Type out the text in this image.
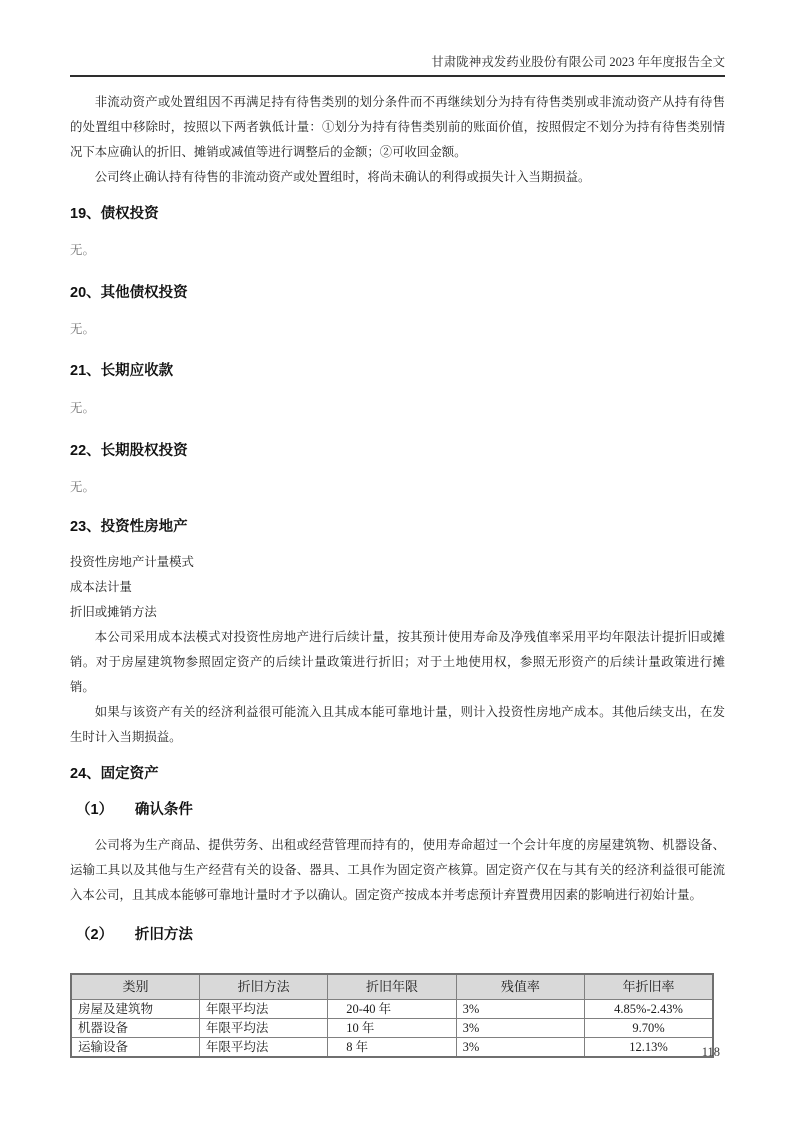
甘肃陇神戎发药业股份有限公司 2023 年年度报告全文

非流动资产或处置组因不再满足持有待售类别的划分条件而不再继续划分为持有待售类别或非流动资产从持有待售的处置组中移除时，按照以下两者孰低计量：①划分为持有待售类别前的账面价值，按照假定不划分为持有待售类别情况下本应确认的折旧、摊销或减值等进行调整后的金额；②可收回金额。

公司终止确认持有待售的非流动资产或处置组时，将尚未确认的利得或损失计入当期损益。

19、债权投资

无。

20、其他债权投资

无。

21、长期应收款

无。

22、长期股权投资

无。

23、投资性房地产

投资性房地产计量模式

成本法计量

折旧或摊销方法

本公司采用成本法模式对投资性房地产进行后续计量，按其预计使用寿命及净残值率采用平均年限法计提折旧或摊销。对于房屋建筑物参照固定资产的后续计量政策进行折旧；对于土地使用权，参照无形资产的后续计量政策进行摊销。

如果与该资产有关的经济利益很可能流入且其成本能可靠地计量，则计入投资性房地产成本。其他后续支出，在发生时计入当期损益。

24、固定资产
（1）　　确认条件

公司将为生产商品、提供劳务、出租或经营管理而持有的，使用寿命超过一个会计年度的房屋建筑物、机器设备、运输工具以及其他与生产经营有关的设备、器具、工具作为固定资产核算。固定资产仅在与其有关的经济利益很可能流入本公司，且其成本能够可靠地计量时才予以确认。固定资产按成本并考虑预计弃置费用因素的影响进行初始计量。

（2）　　折旧方法
类别	折旧方法	折旧年限	残值率	年折旧率
房屋及建筑物	年限平均法	20-40 年	3%	4.85%-2.43%
机器设备	年限平均法	10 年	3%	9.70%
运输设备	年限平均法	8 年	3%	12.13%	118
